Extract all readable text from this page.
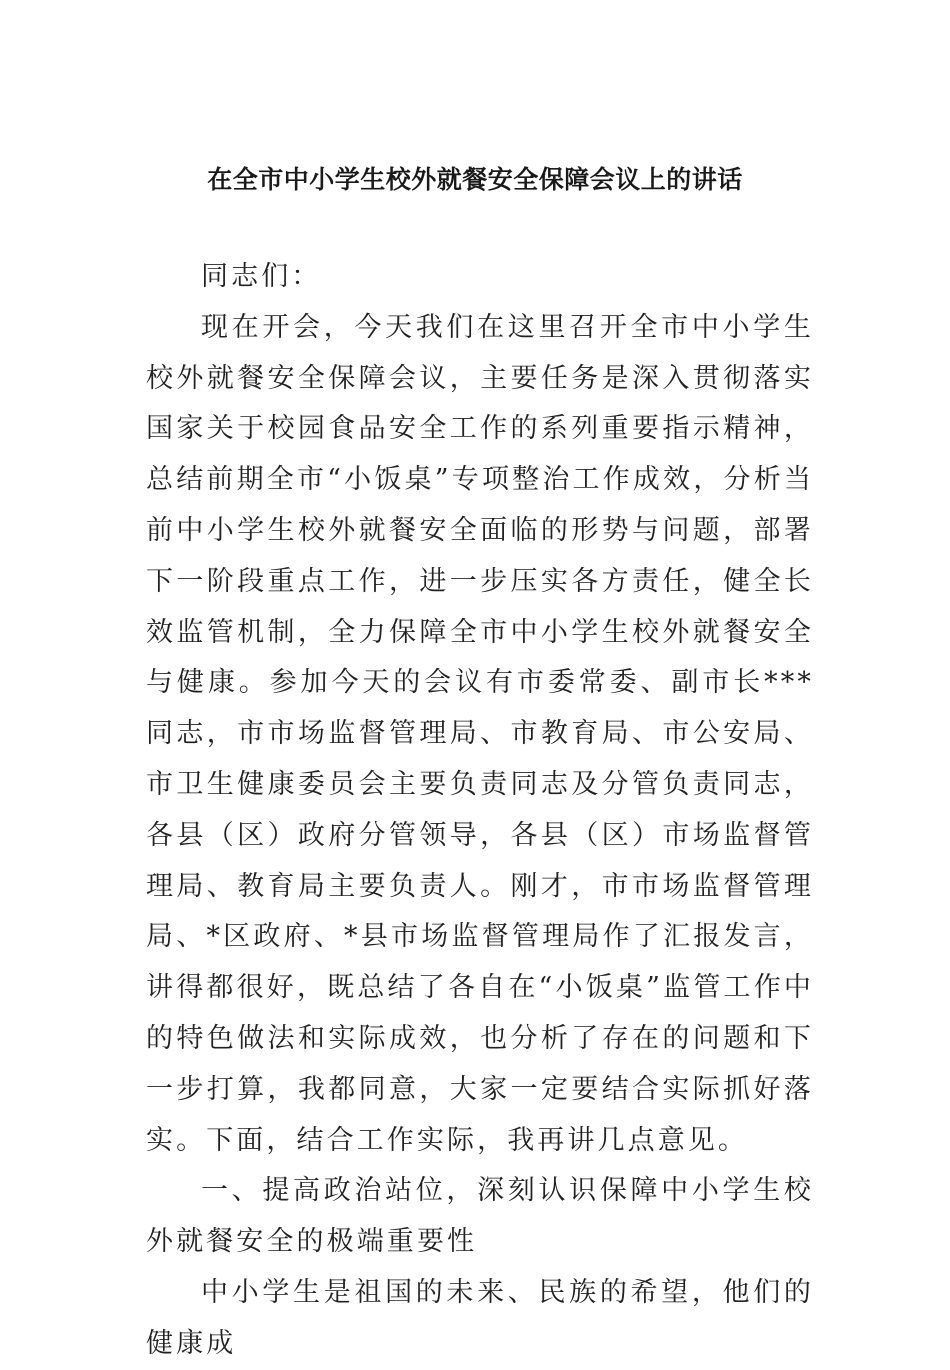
在全市中小学生校外就餐安全保障会议上的讲话

同志们：

现在开会，今天我们在这里召开全市中小学生校外就餐安全保障会议，主要任务是深入贯彻落实国家关于校园食品安全工作的系列重要指示精神，总结前期全市“小饭桌”专项整治工作成效，分析当前中小学生校外就餐安全面临的形势与问题，部署下一阶段重点工作，进一步压实各方责任，健全长效监管机制，全力保障全市中小学生校外就餐安全与健康。参加今天的会议有市委常委、副市长***同志，市市场监督管理局、市教育局、市公安局、市卫生健康委员会主要负责同志及分管负责同志，各县（区）政府分管领导，各县（区）市场监督管理局、教育局主要负责人。刚才，市市场监督管理局、*区政府、*县市场监督管理局作了汇报发言，讲得都很好，既总结了各自在“小饭桌”监管工作中的特色做法和实际成效，也分析了存在的问题和下一步打算，我都同意，大家一定要结合实际抓好落实。下面，结合工作实际，我再讲几点意见。

一、提高政治站位，深刻认识保障中小学生校外就餐安全的极端重要性

中小学生是祖国的未来、民族的希望，他们的健康成
